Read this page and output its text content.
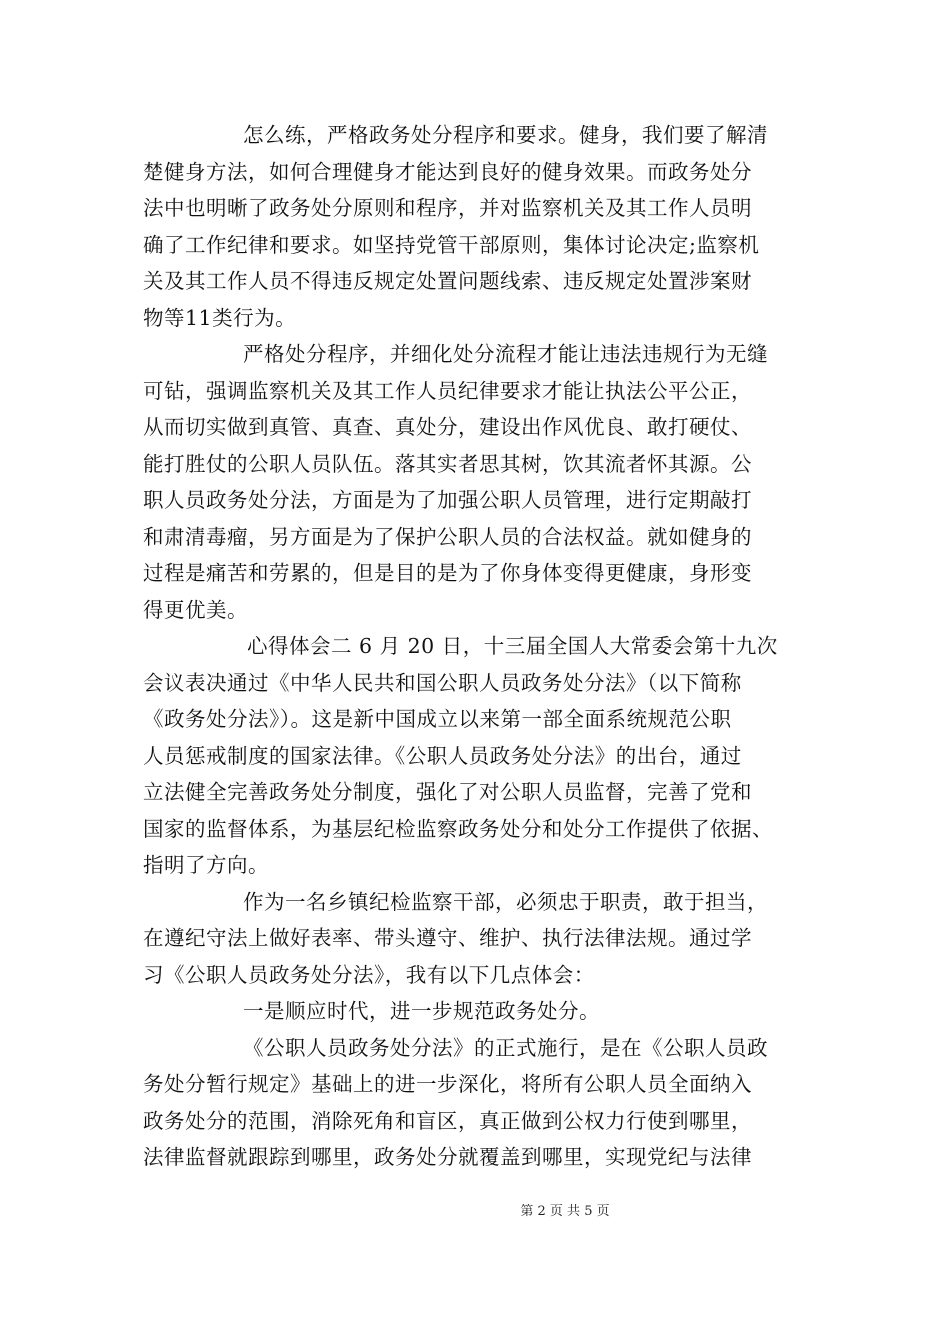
怎么练，严格政务处分程序和要求。健身，我们要了解清
楚健身方法，如何合理健身才能达到良好的健身效果。而政务处分
法中也明晰了政务处分原则和程序，并对监察机关及其工作人员明
确了工作纪律和要求。如坚持党管干部原则，集体讨论决定;监察机
关及其工作人员不得违反规定处置问题线索、违反规定处置涉案财
物等11类行为。
严格处分程序，并细化处分流程才能让违法违规行为无缝
可钻，强调监察机关及其工作人员纪律要求才能让执法公平公正，
从而切实做到真管、真查、真处分，建设出作风优良、敢打硬仗、
能打胜仗的公职人员队伍。落其实者思其树，饮其流者怀其源。公
职人员政务处分法，方面是为了加强公职人员管理，进行定期敲打
和肃清毒瘤，另方面是为了保护公职人员的合法权益。就如健身的
过程是痛苦和劳累的，但是目的是为了你身体变得更健康，身形变
得更优美。
心得体会二 6 月 20 日，十三届全国人大常委会第十九次
会议表决通过《中华人民共和国公职人员政务处分法》（以下简称
《政务处分法》）。这是新中国成立以来第一部全面系统规范公职
人员惩戒制度的国家法律。《公职人员政务处分法》的出台，通过
立法健全完善政务处分制度，强化了对公职人员监督，完善了党和
国家的监督体系，为基层纪检监察政务处分和处分工作提供了依据、
指明了方向。
作为一名乡镇纪检监察干部，必须忠于职责，敢于担当，
在遵纪守法上做好表率、带头遵守、维护、执行法律法规。通过学
习《公职人员政务处分法》，我有以下几点体会：
一是顺应时代，进一步规范政务处分。
《公职人员政务处分法》的正式施行，是在《公职人员政
务处分暂行规定》基础上的进一步深化，将所有公职人员全面纳入
政务处分的范围，消除死角和盲区，真正做到公权力行使到哪里，
法律监督就跟踪到哪里，政务处分就覆盖到哪里，实现党纪与法律
第 2 页 共 5 页
